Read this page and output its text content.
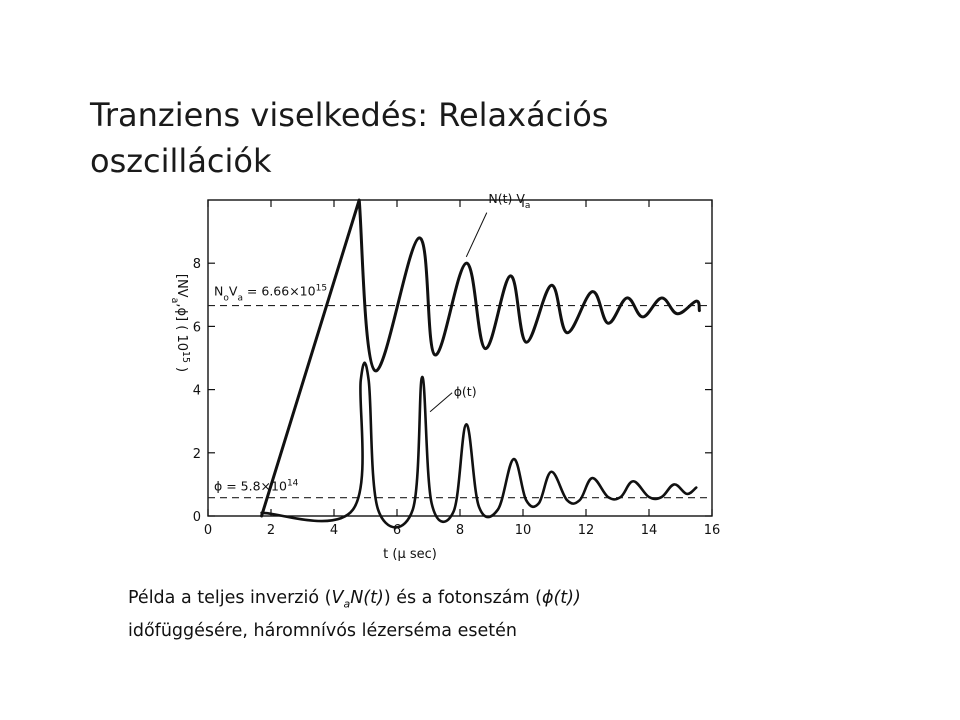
Tranziens viselkedés: Relaxációs oszcillációk
0	2	4	6	8	10	12	14	16
0
2
4
6
8
t (μ sec)
$[NV_a,\phi]$ ( $10^{15}$ )
$N_oV_a = 6.66\times 10^{15}$
$\phi = 5.8\times 10^{14}$
N(t) $V_a$
ϕ(t)
Példa a teljes inverzió $(V_aN(t))$ és a fotonszám (ϕ(t))
időfüggésére, háromnívós lézerséma esetén
